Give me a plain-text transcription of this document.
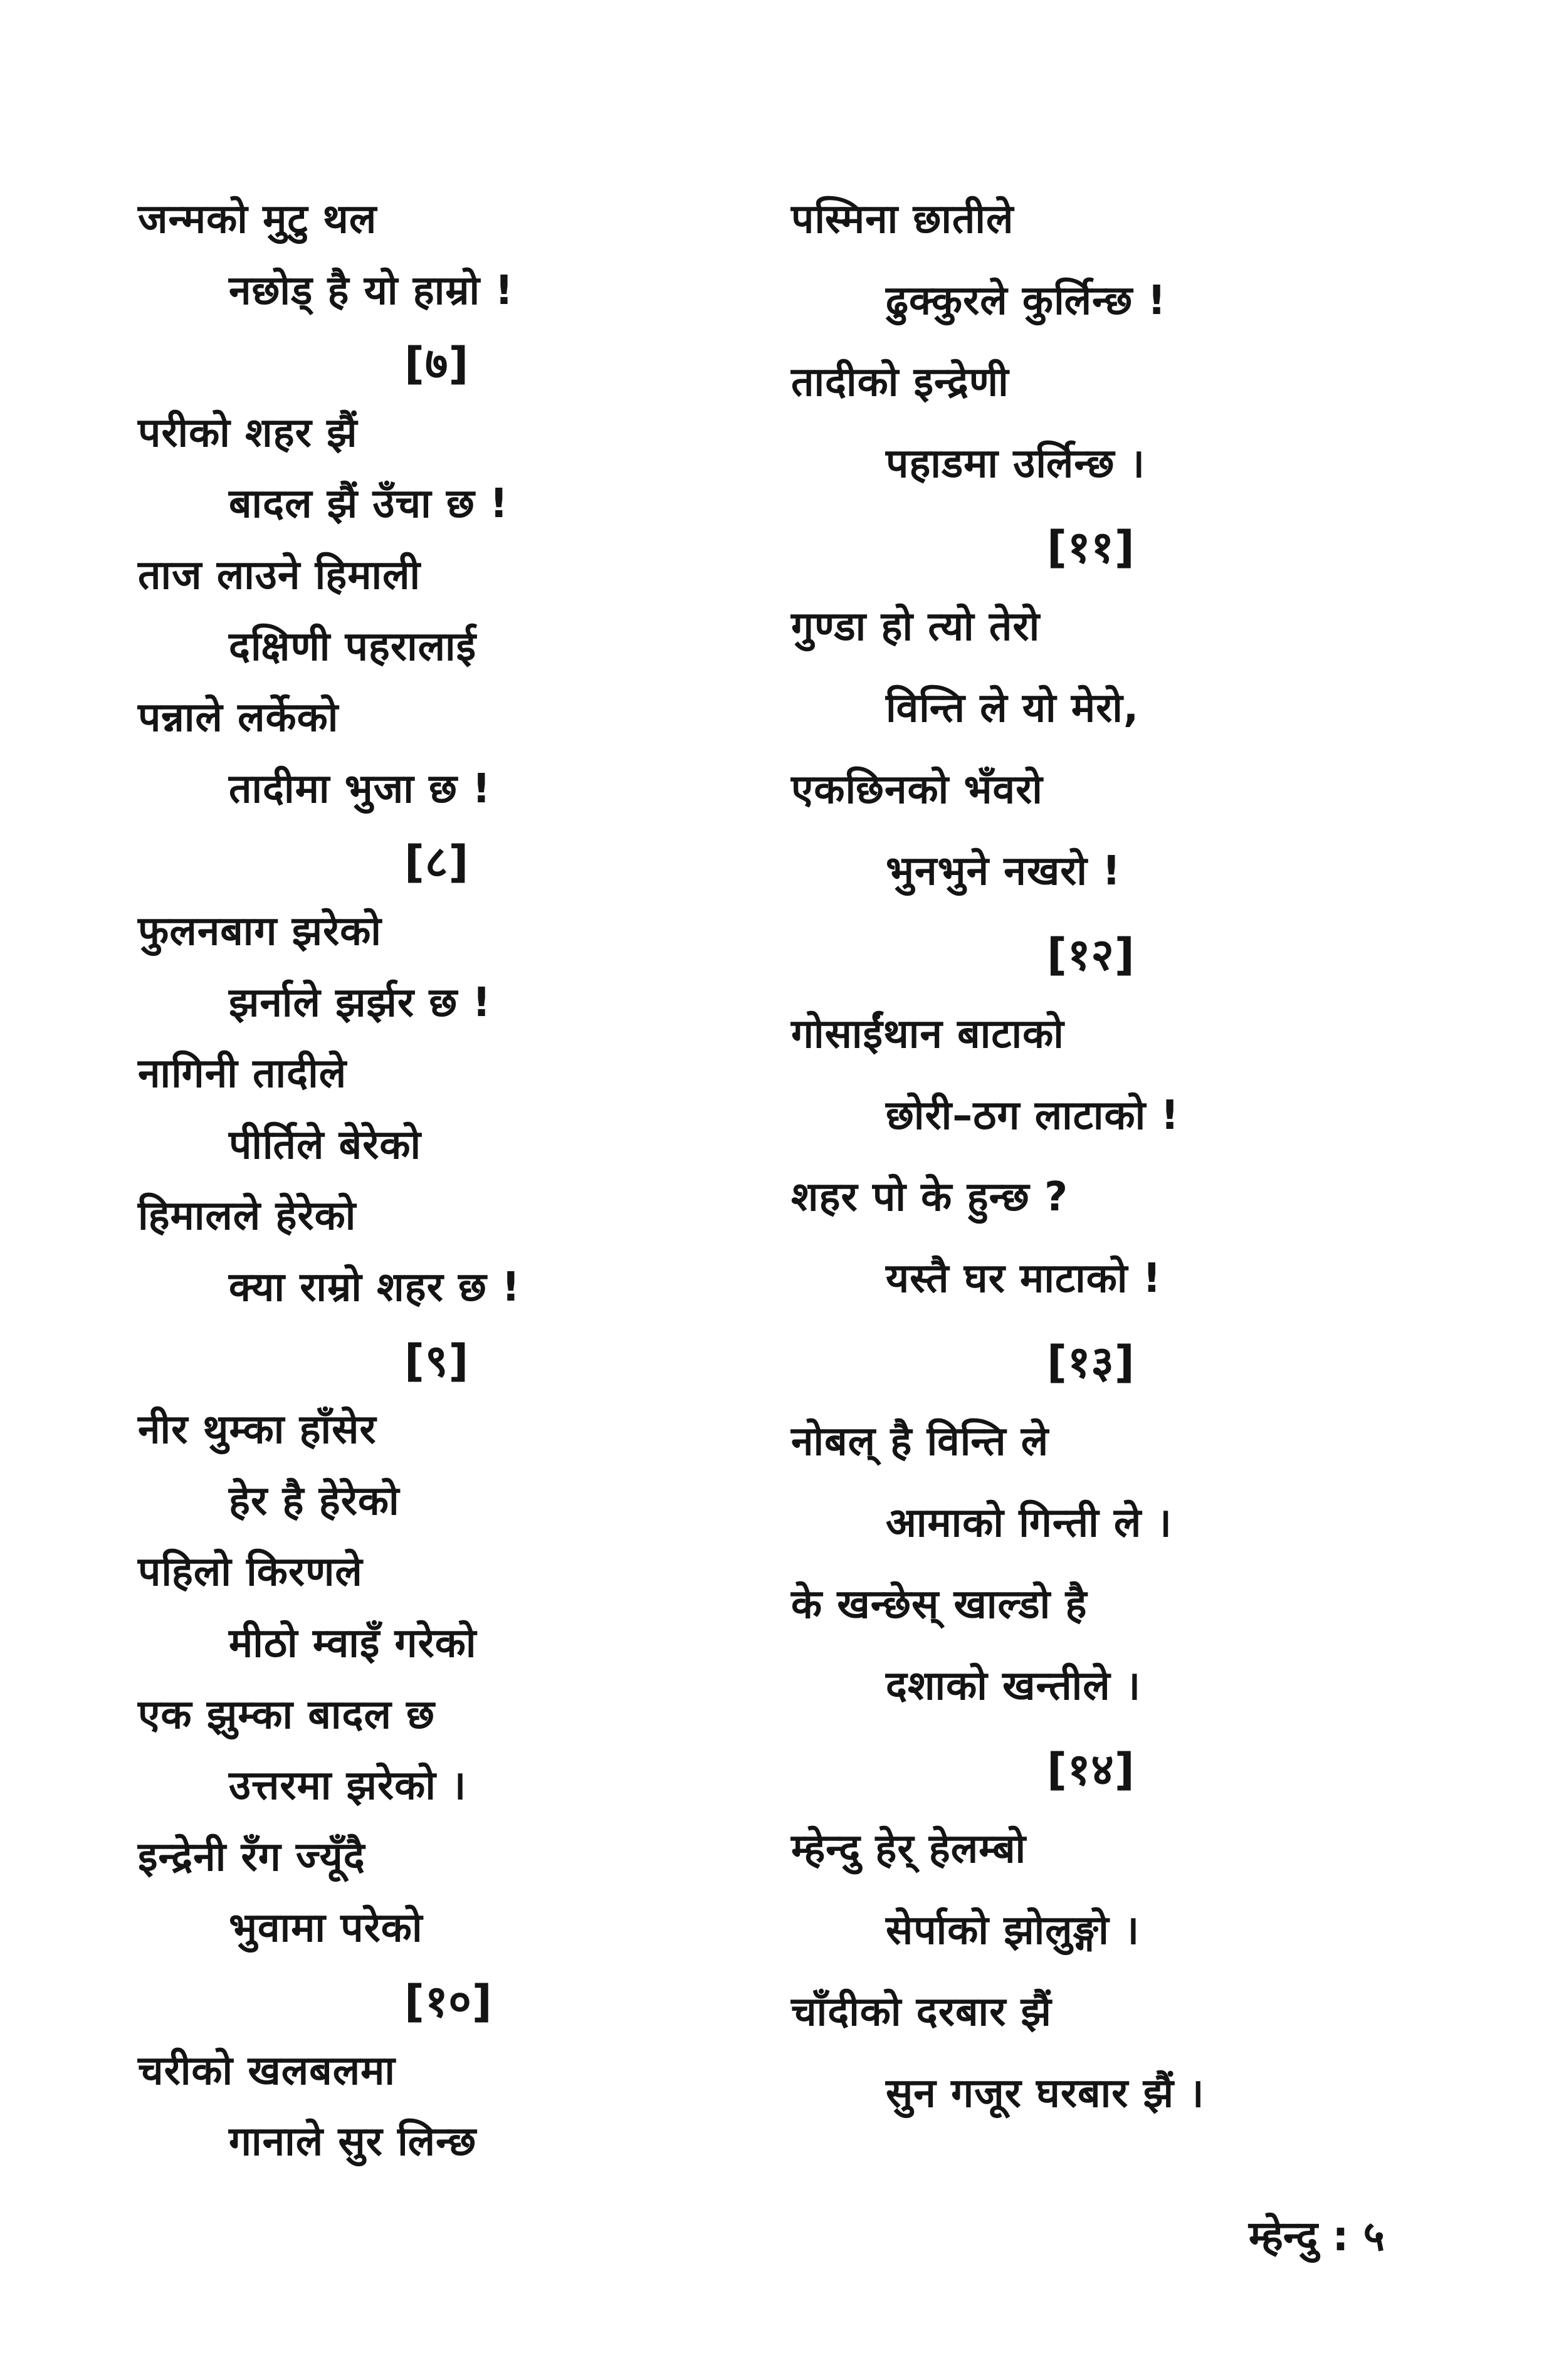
जन्मको मुटु थल
नछोड् है यो हाम्रो !
[७]
परीको शहर झैं
बादल झैं उँचा छ !
ताज लाउने हिमाली
दक्षिणी पहरालाई
पन्नाले लर्केको
तादीमा भुजा छ !
[८]
फुलनबाग झरेको
झर्नाले झर्झर छ !
नागिनी तादीले
पीर्तिले बेरेको
हिमालले हेरेको
क्या राम्रो शहर छ !
[९]
नीर थुम्का हाँसेर
हेर है हेरेको
पहिलो किरणले
मीठो म्वाइँ गरेको
एक झुम्का बादल छ
उत्तरमा झरेको ।
इन्द्रेनी रँग ज्यूँदै
भुवामा परेको
[१०]
चरीको खलबलमा
गानाले सुर लिन्छ
पस्मिना छातीले
ढुक्कुरले कुर्लिन्छ !
तादीको इन्द्रेणी
पहाडमा उर्लिन्छ ।
[११]
गुण्डा हो त्यो तेरो
विन्ति ले यो मेरो,
एकछिनको भँवरो
भुनभुने नखरो !
[१२]
गोसाईंथान बाटाको
छोरी–ठग लाटाको !
शहर पो के हुन्छ ?
यस्तै घर माटाको !
[१३]
नोबल् है विन्ति ले
आमाको गिन्ती ले ।
के खन्छेस् खाल्डो है
दशाको खन्तीले ।
[१४]
म्हेन्दु हेर् हेलम्बो
सेर्पाको झोलुङ्गो ।
चाँदीको दरबार झैं
सुन गजूर घरबार झैं ।
म्हेन्दु : ५
